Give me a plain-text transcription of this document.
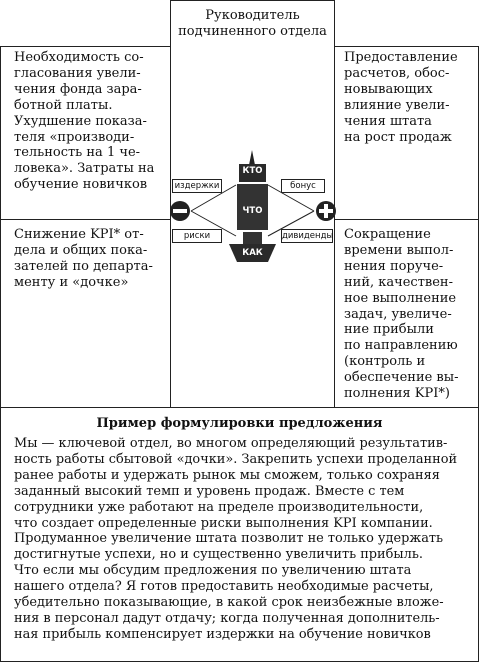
Руководитель подчиненного отдела
Необходимость со-
гласования увели-
чения фонда зара-
ботной платы.
Ухудшение показа-
теля «производи-
тельность на 1 че-
ловека». Затраты на
обучение новичков
Предоставление
расчетов, обос-
новывающих
влияние увели-
чения штата
на рост продаж
Снижение KPI* от-
дела и общих пока-
зателей по департа-
менту и «дочке»
Сокращение
времени выпол-
нения поруче-
ний, качествен-
ное выполнение
задач, увеличе-
ние прибыли
по направлению
(контроль и
обеспечение вы-
полнения KPI*)
КТО
ЧТО
КАК
издержки
риски
бонус
дивиденды
Пример формулировки предложения
Мы — ключевой отдел, во многом определяющий результатив-
ность работы сбытовой «дочки». Закрепить успехи проделанной
ранее работы и удержать рынок мы сможем, только сохраняя
заданный высокий темп и уровень продаж. Вместе с тем
сотрудники уже работают на пределе производительности,
что создает определенные риски выполнения KPI компании.
Продуманное увеличение штата позволит не только удержать
достигнутые успехи, но и существенно увеличить прибыль.
Что если мы обсудим предложения по увеличению штата
нашего отдела? Я готов предоставить необходимые расчеты,
убедительно показывающие, в какой срок неизбежные вложе-
ния в персонал дадут отдачу; когда полученная дополнитель-
ная прибыль компенсирует издержки на обучение новичков
